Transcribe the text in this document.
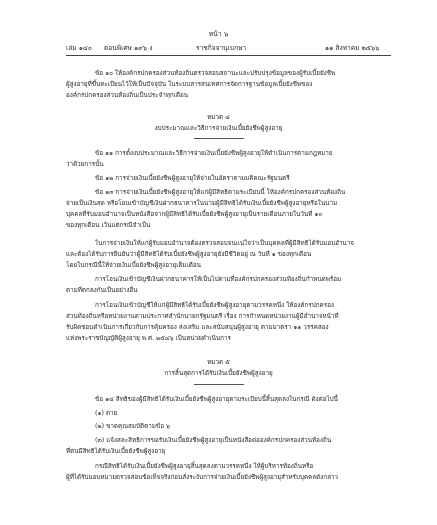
หน้า ๖
เล่ม ๑๔๐ ตอนพิเศษ ๑๙๖ ง	ราชกิจจานุเบกษา	๑๑ สิงหาคม ๒๕๖๖
ข้อ ๑๐ ให้องค์กรปกครองส่วนท้องถิ่นตรวจสอบสถานะและปรับปรุงข้อมูลของผู้รับเบี้ยยังชีพ
ผู้สูงอายุที่ขึ้นทะเบียนไว้ให้เป็นปัจจุบัน ในระบบสารสนเทศการจัดการฐานข้อมูลเบี้ยยังชีพของ
องค์กรปกครองส่วนท้องถิ่นเป็นประจำทุกเดือน
หมวด ๔
งบประมาณและวิธีการจ่ายเงินเบี้ยยังชีพผู้สูงอายุ
ข้อ ๑๑ การตั้งงบประมาณและวิธีการจ่ายเงินเบี้ยยังชีพผู้สูงอายุให้ดำเนินการตามกฎหมาย
ว่าด้วยการนั้น
ข้อ ๑๒ การจ่ายเงินเบี้ยยังชีพผู้สูงอายุให้จ่ายในอัตราตามมติคณะรัฐมนตรี
ข้อ ๑๓ การจ่ายเงินเบี้ยยังชีพผู้สูงอายุให้แก่ผู้มีสิทธิตามระเบียบนี้ ให้องค์กรปกครองส่วนท้องถิ่น
จ่ายเป็นเงินสด หรือโอนเข้าบัญชีเงินฝากธนาคารในนามผู้มีสิทธิได้รับเงินเบี้ยยังชีพผู้สูงอายุหรือในนาม
บุคคลที่รับมอบอำนาจเป็นหนังสือจากผู้มีสิทธิได้รับเบี้ยยังชีพผู้สูงอายุเป็นรายเดือนภายในวันที่ ๑๐
ของทุกเดือน เว้นแต่กรณีจำเป็น
ในการจ่ายเงินให้แก่ผู้รับมอบอำนาจต้องตรวจสอบจนแน่ใจว่าเป็นบุคคลที่ผู้มีสิทธิได้รับมอบอำนาจ
และต้องได้รับการยืนยันว่าผู้มีสิทธิได้รับเบี้ยยังชีพผู้สูงอายุยังมีชีวิตอยู่ ณ วันที่ ๑ ของทุกเดือน
โดยในกรณีนี้ให้จ่ายเงินเบี้ยยังชีพผู้สูงอายุเต็มเดือน
การโอนเงินเข้าบัญชีเงินฝากธนาคารให้เป็นไปตามที่องค์กรปกครองส่วนท้องถิ่นกำหนดพร้อม
ตามที่ตกลงกันเป็นอย่างอื่น
การโอนเงินเข้าบัญชีให้แก่ผู้มีสิทธิได้รับเบี้ยยังชีพผู้สูงอายุตามวรรคหนึ่ง ให้องค์กรปกครอง
ส่วนท้องถิ่นหรือหน่วยงานตามประกาศสำนักนายกรัฐมนตรี เรื่อง การกำหนดหน่วยงานผู้มีอำนาจหน้าที่
รับผิดชอบดำเนินการเกี่ยวกับการคุ้มครอง ส่งเสริม และสนับสนุนผู้สูงอายุ ตามมาตรา ๑๑ วรรคสอง
แห่งพระราชบัญญัติผู้สูงอายุ พ.ศ. ๒๕๔๖ เป็นหน่วยดำเนินการ
หมวด ๕
การสิ้นสุดการได้รับเงินเบี้ยยังชีพผู้สูงอายุ
ข้อ ๑๔ สิทธิของผู้มีสิทธิได้รับเงินเบี้ยยังชีพผู้สูงอายุตามระเบียบนี้สิ้นสุดลงในกรณี ดังต่อไปนี้
(๑) ตาย
(๒) ขาดคุณสมบัติตามข้อ ๖
(๓) แจ้งสละสิทธิการขอรับเงินเบี้ยยังชีพผู้สูงอายุเป็นหนังสือต่อองค์กรปกครองส่วนท้องถิ่น
ที่ตนมีสิทธิได้รับเงินเบี้ยยังชีพผู้สูงอายุ
กรณีสิทธิได้รับเงินเบี้ยยังชีพผู้สูงอายุสิ้นสุดลงตามวรรคหนึ่ง ให้ผู้บริหารท้องถิ่นหรือ
ผู้ที่ได้รับมอบหมายตรวจสอบข้อเท็จจริงก่อนสั่งระงับการจ่ายเงินเบี้ยยังชีพผู้สูงอายุสำหรับบุคคลดังกล่าว
